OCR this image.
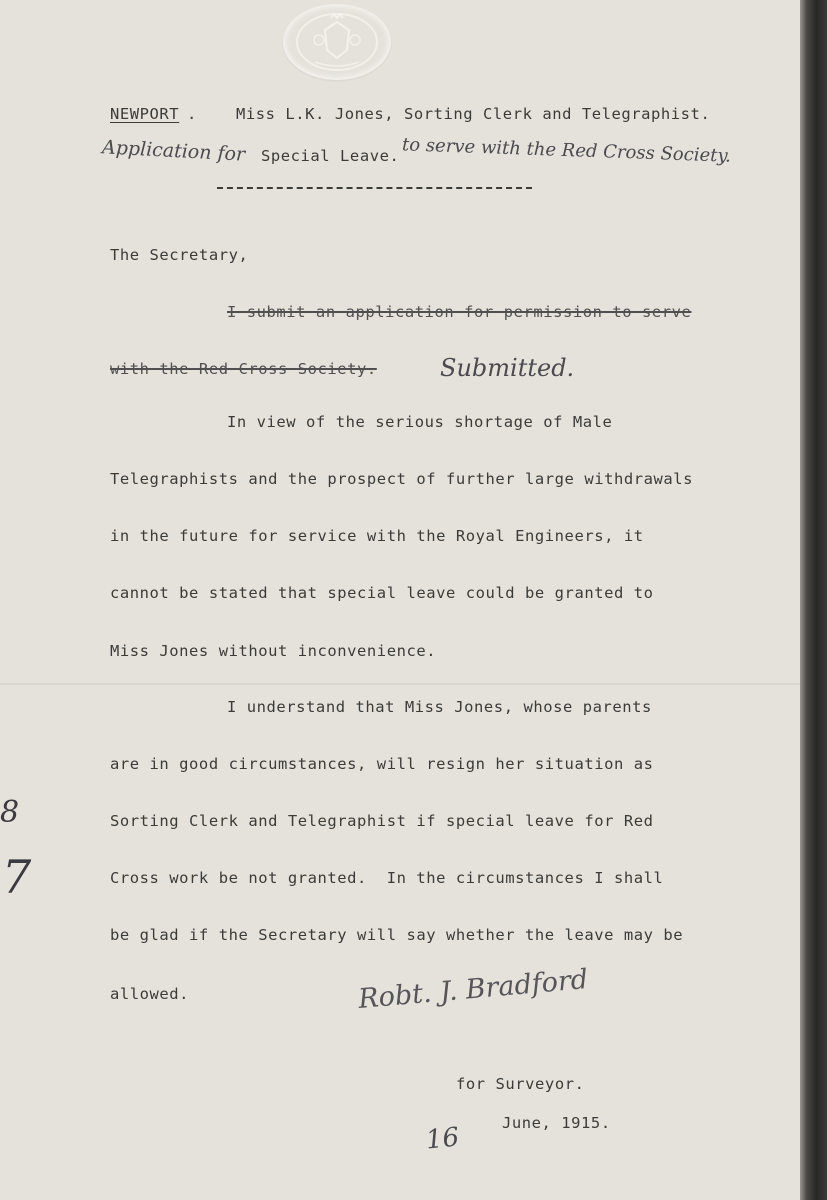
NEWPORT .	Miss L.K. Jones, Sorting Clerk and Telegraphist.
Application for Special Leave. to serve with the Red Cross Society.
The Secretary,
I submit an application for permission to serve
with the Red Cross Society.	Submitted.
In view of the serious shortage of Male
Telegraphists and the prospect of further large withdrawals
in the future for service with the Royal Engineers, it
cannot be stated that special leave could be granted to
Miss Jones without inconvenience.
I understand that Miss Jones, whose parents
are in good circumstances, will resign her situation as
Sorting Clerk and Telegraphist if special leave for Red
Cross work be not granted.  In the circumstances I shall
be glad if the Secretary will say whether the leave may be
allowed.	Robt. J. Bradford
for Surveyor.
June, 1915.
16
8
7
